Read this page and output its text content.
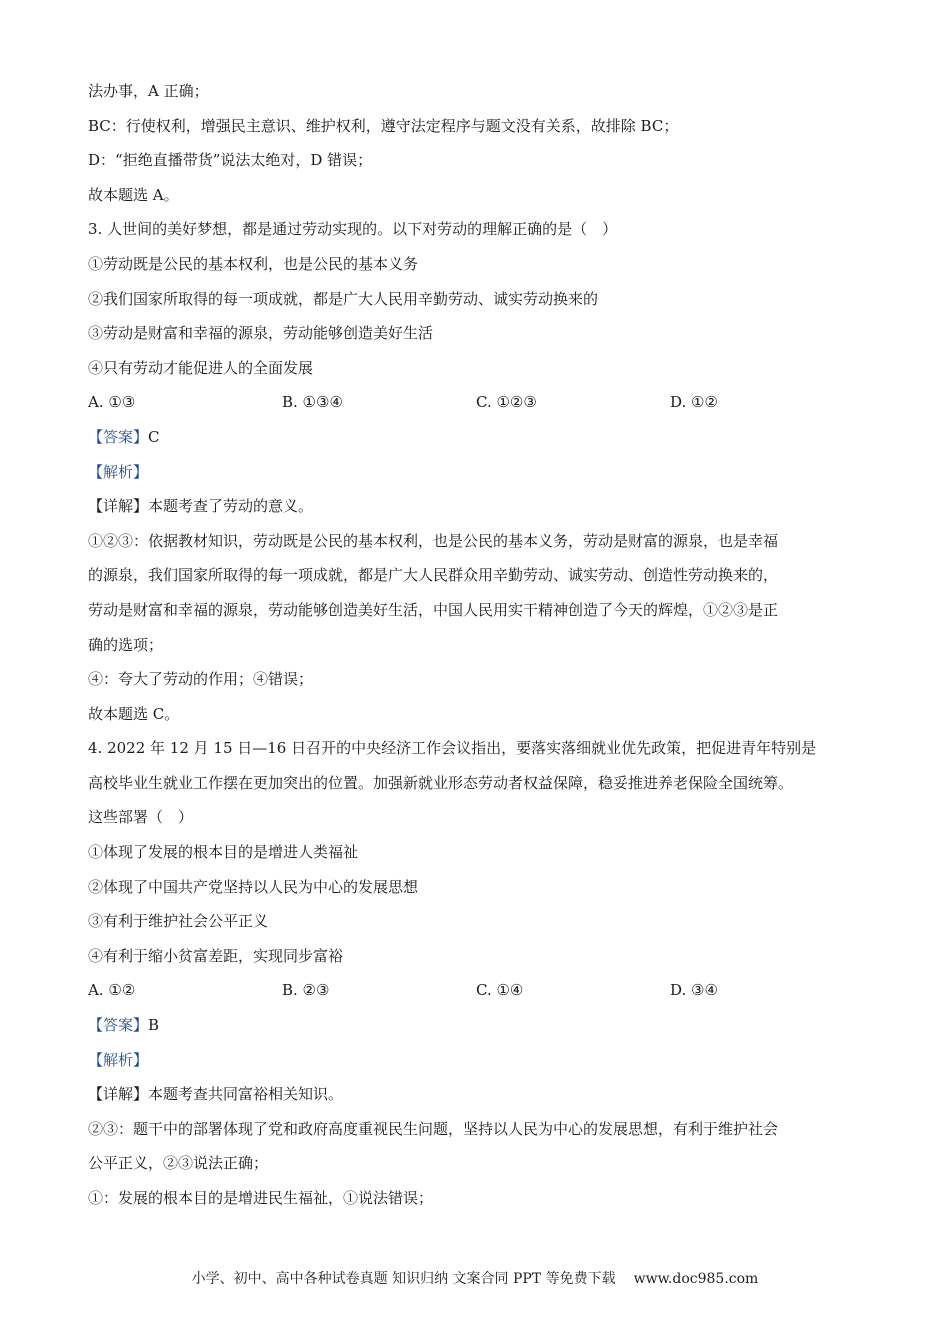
法办事，A 正确；
BC：行使权利，增强民主意识、维护权利，遵守法定程序与题文没有关系，故排除 BC；
D：“拒绝直播带货”说法太绝对，D 错误；
故本题选 A。
3. 人世间的美好梦想，都是通过劳动实现的。以下对劳动的理解正确的是（　）
①劳动既是公民的基本权利，也是公民的基本义务
②我们国家所取得的每一项成就，都是广大人民用辛勤劳动、诚实劳动换来的
③劳动是财富和幸福的源泉，劳动能够创造美好生活
④只有劳动才能促进人的全面发展
A. ①③	B. ①③④	C. ①②③	D. ①②
【答案】C
【解析】
【详解】本题考查了劳动的意义。
①②③：依据教材知识，劳动既是公民的基本权利，也是公民的基本义务，劳动是财富的源泉，也是幸福
的源泉，我们国家所取得的每一项成就，都是广大人民群众用辛勤劳动、诚实劳动、创造性劳动换来的，
劳动是财富和幸福的源泉，劳动能够创造美好生活，中国人民用实干精神创造了今天的辉煌，①②③是正
确的选项；
④：夸大了劳动的作用；④错误；
故本题选 C。
4. 2022 年 12 月 15 日—16 日召开的中央经济工作会议指出，要落实落细就业优先政策，把促进青年特别是
高校毕业生就业工作摆在更加突出的位置。加强新就业形态劳动者权益保障，稳妥推进养老保险全国统筹。
这些部署（　）
①体现了发展的根本目的是增进人类福祉
②体现了中国共产党坚持以人民为中心的发展思想
③有利于维护社会公平正义
④有利于缩小贫富差距，实现同步富裕
A. ①②	B. ②③	C. ①④	D. ③④
【答案】B
【解析】
【详解】本题考查共同富裕相关知识。
②③：题干中的部署体现了党和政府高度重视民生问题，坚持以人民为中心的发展思想，有利于维护社会
公平正义，②③说法正确；
①：发展的根本目的是增进民生福祉，①说法错误；
小学、初中、高中各种试卷真题 知识归纳 文案合同 PPT 等免费下载 www.doc985.com
